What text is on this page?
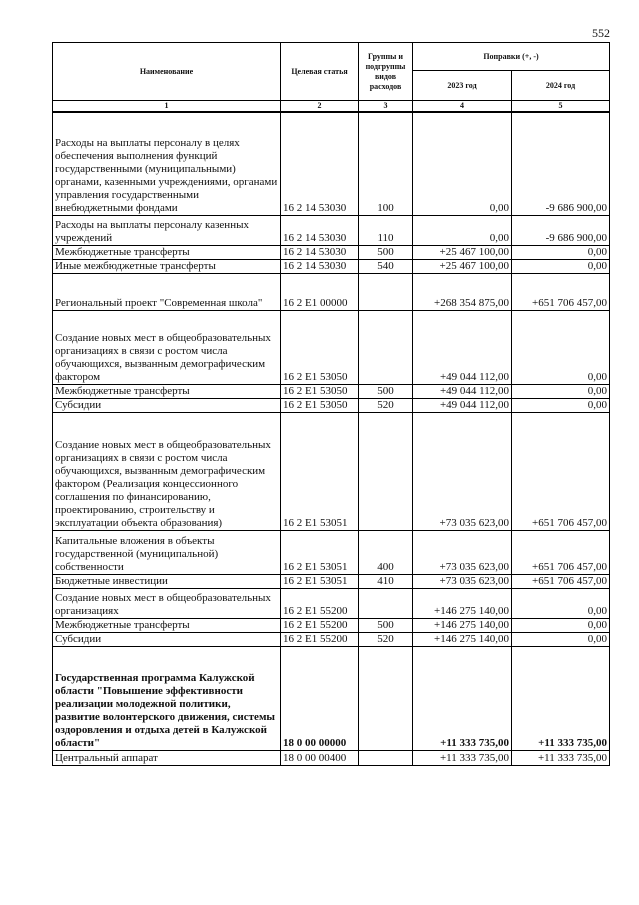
552
Наименование	Целевая статья	Группы и подгруппы видов расходов	Поправки (+, -)	
			2023 год	2024 год
1	2	3	4	5
Расходы на выплаты персоналу в целях обеспечения выполнения функций государственными (муниципальными) органами, казенными учреждениями, органами управления государственными внебюджетными фондами	16 2 14 53030	100	0,00	-9 686 900,00
Расходы на выплаты персоналу казенных учреждений	16 2 14 53030	110	0,00	-9 686 900,00
Межбюджетные трансферты	16 2 14 53030	500	+25 467 100,00	0,00
Иные межбюджетные трансферты	16 2 14 53030	540	+25 467 100,00	0,00
Региональный проект "Современная школа"	16 2 E1 00000		+268 354 875,00	+651 706 457,00
Создание новых мест в общеобразовательных организациях в связи с ростом числа обучающихся, вызванным демографическим фактором	16 2 E1 53050		+49 044 112,00	0,00
Межбюджетные трансферты	16 2 E1 53050	500	+49 044 112,00	0,00
Субсидии	16 2 E1 53050	520	+49 044 112,00	0,00
Создание новых мест в общеобразовательных организациях в связи с ростом числа обучающихся, вызванным демографическим фактором (Реализация концессионного соглашения по финансированию, проектированию, строительству и эксплуатации объекта образования)	16 2 E1 53051		+73 035 623,00	+651 706 457,00
Капитальные вложения в объекты государственной (муниципальной) собственности	16 2 E1 53051	400	+73 035 623,00	+651 706 457,00
Бюджетные инвестиции	16 2 E1 53051	410	+73 035 623,00	+651 706 457,00
Создание новых мест в общеобразовательных организациях	16 2 E1 55200		+146 275 140,00	0,00
Межбюджетные трансферты	16 2 E1 55200	500	+146 275 140,00	0,00
Субсидии	16 2 E1 55200	520	+146 275 140,00	0,00
Государственная программа Калужской области "Повышение эффективности реализации молодежной политики, развитие волонтерского движения, системы оздоровления и отдыха детей в Калужской области"	18 0 00 00000		+11 333 735,00	+11 333 735,00
Центральный аппарат	18 0 00 00400		+11 333 735,00	+11 333 735,00
